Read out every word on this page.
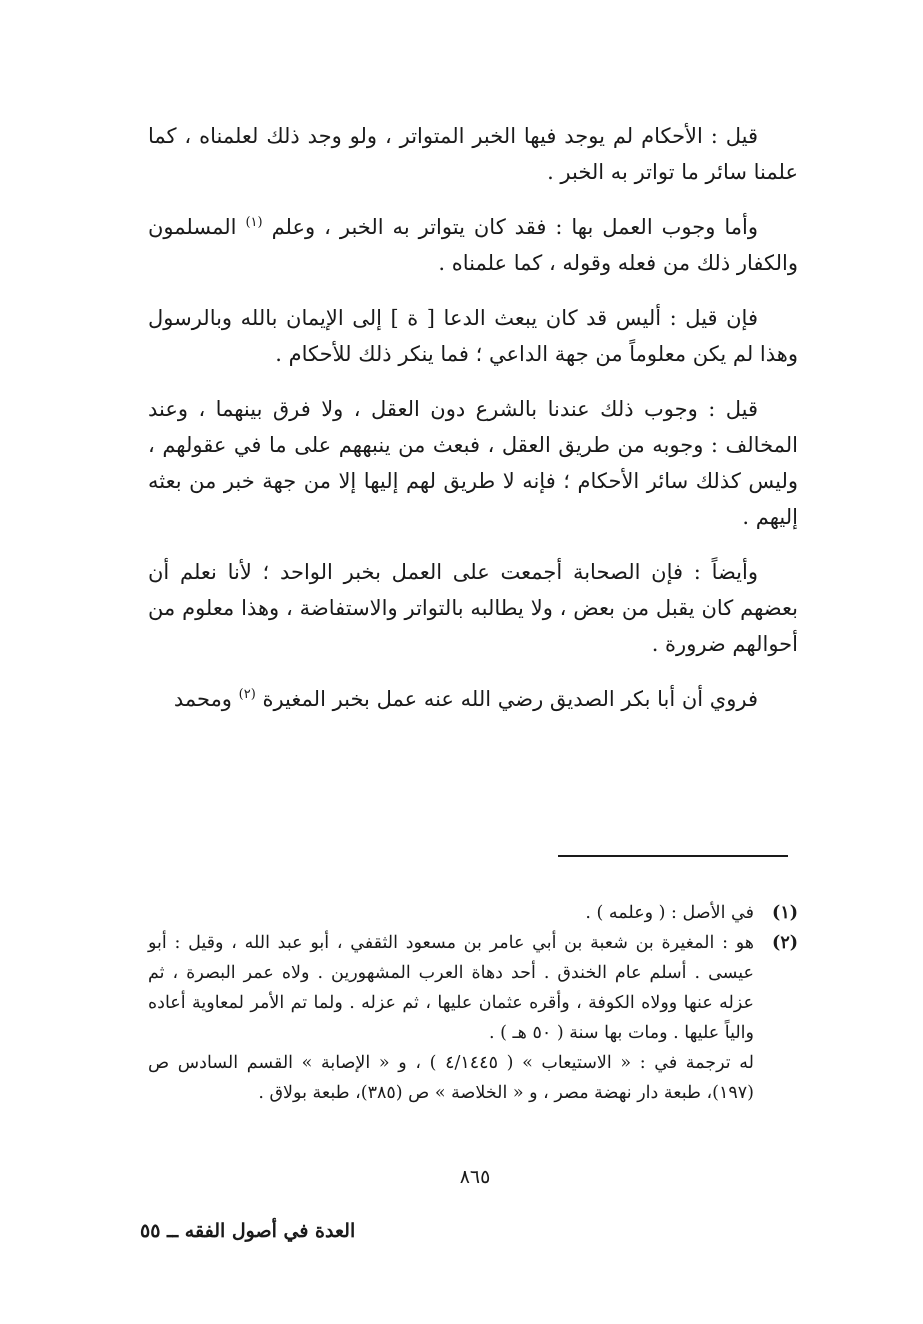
قيل : الأحكام لم يوجد فيها الخبر المتواتر ، ولو وجد ذلك لعلمناه ، كما علمنا سائر ما تواتر به الخبر .

وأما وجوب العمل بها : فقد كان يتواتر به الخبر ، وعلم $^{(١)}$ المسلمون والكفار ذلك من فعله وقوله ، كما علمناه .

فإن قيل : أليس قد كان يبعث الدعا [ ة ] إلى الإيمان بالله وبالرسول وهذا لم يكن معلوماً من جهة الداعي ؛ فما ينكر ذلك للأحكام .

قيل : وجوب ذلك عندنا بالشرع دون العقل ، ولا فرق بينهما ، وعند المخالف : وجوبه من طريق العقل ، فبعث من ينبههم على ما في عقولهم ، وليس كذلك سائر الأحكام ؛ فإنه لا طريق لهم إليها إلا من جهة خبر من بعثه إليهم .

وأيضاً : فإن الصحابة أجمعت على العمل بخبر الواحد ؛ لأنا نعلم أن بعضهم كان يقبل من بعض ، ولا يطالبه بالتواتر والاستفاضة ، وهذا معلوم من أحوالهم ضرورة .

فروي أن أبا بكر الصديق رضي الله عنه عمل بخبر المغيرة $^{(٢)}$ ومحمد

(١)
في الأصل : ( وعلمه ) .
(٢)
هو : المغيرة بن شعبة بن أبي عامر بن مسعود الثقفي ، أبو عبد الله ، وقيل : أبو عيسى . أسلم عام الخندق . أحد دهاة العرب المشهورين . ولاه عمر البصرة ، ثم عزله عنها وولاه الكوفة ، وأقره عثمان عليها ، ثم عزله . ولما تم الأمر لمعاوية أعاده والياً عليها . ومات بها سنة ( ٥٠ هـ ) .
له ترجمة في : « الاستيعاب » ( ٤/١٤٤٥ ) ، و « الإصابة » القسم السادس ص (١٩٧)، طبعة دار نهضة مصر ، و « الخلاصة » ص (٣٨٥)، طبعة بولاق .
٨٦٥
العدة في أصول الفقه ــ ٥٥
